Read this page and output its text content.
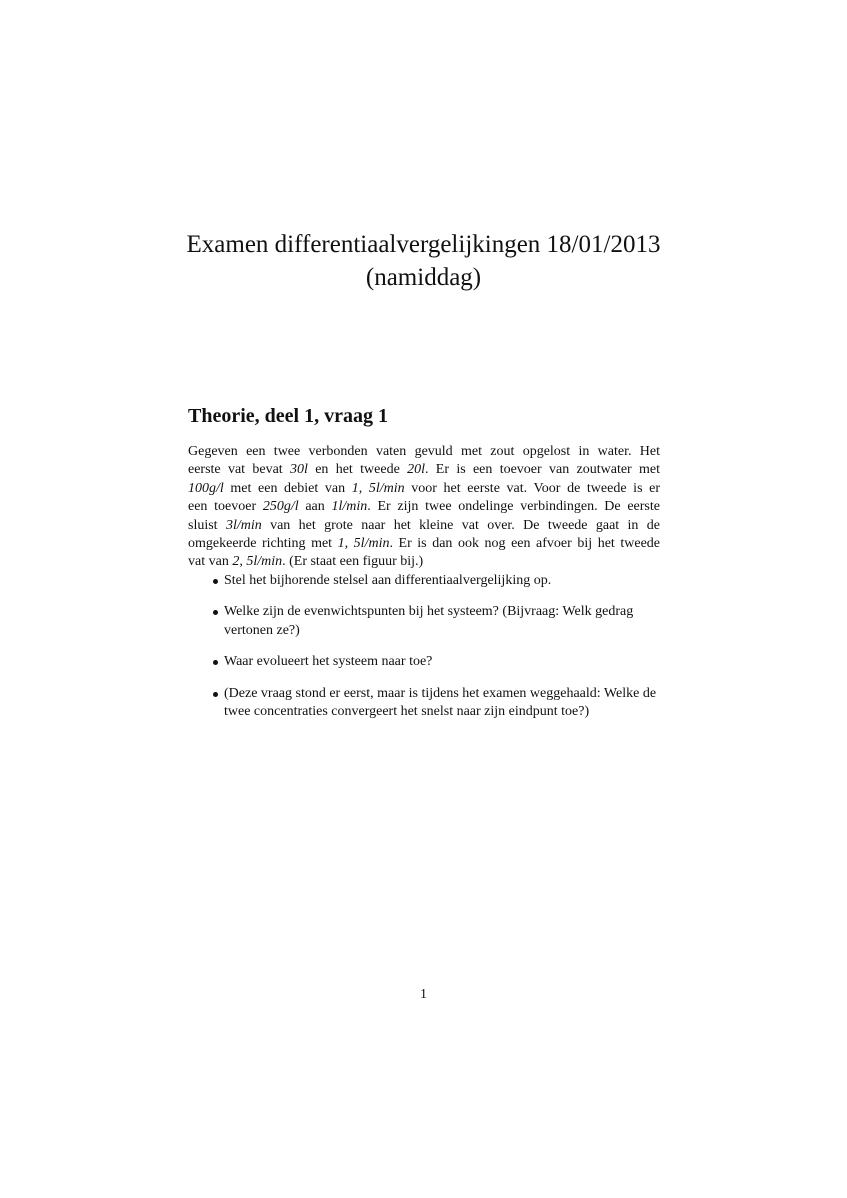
Examen differentiaalvergelijkingen 18/01/2013
(namiddag)
Theorie, deel 1, vraag 1
Gegeven een twee verbonden vaten gevuld met zout opgelost in water. Het
eerste vat bevat 30l en het tweede 20l. Er is een toevoer van zoutwater met
100g/l met een debiet van 1, 5l/min voor het eerste vat. Voor de tweede is er
een toevoer 250g/l aan 1l/min. Er zijn twee ondelinge verbindingen. De eerste
sluist 3l/min van het grote naar het kleine vat over. De tweede gaat in de
omgekeerde richting met 1, 5l/min. Er is dan ook nog een afvoer bij het tweede
vat van 2, 5l/min. (Er staat een figuur bij.)
Stel het bijhorende stelsel aan differentiaalvergelijking op.
Welke zijn de evenwichtspunten bij het systeem? (Bijvraag: Welk gedrag vertonen ze?)
Waar evolueert het systeem naar toe?
(Deze vraag stond er eerst, maar is tijdens het examen weggehaald: Welke de twee concentraties convergeert het snelst naar zijn eindpunt toe?)
1
